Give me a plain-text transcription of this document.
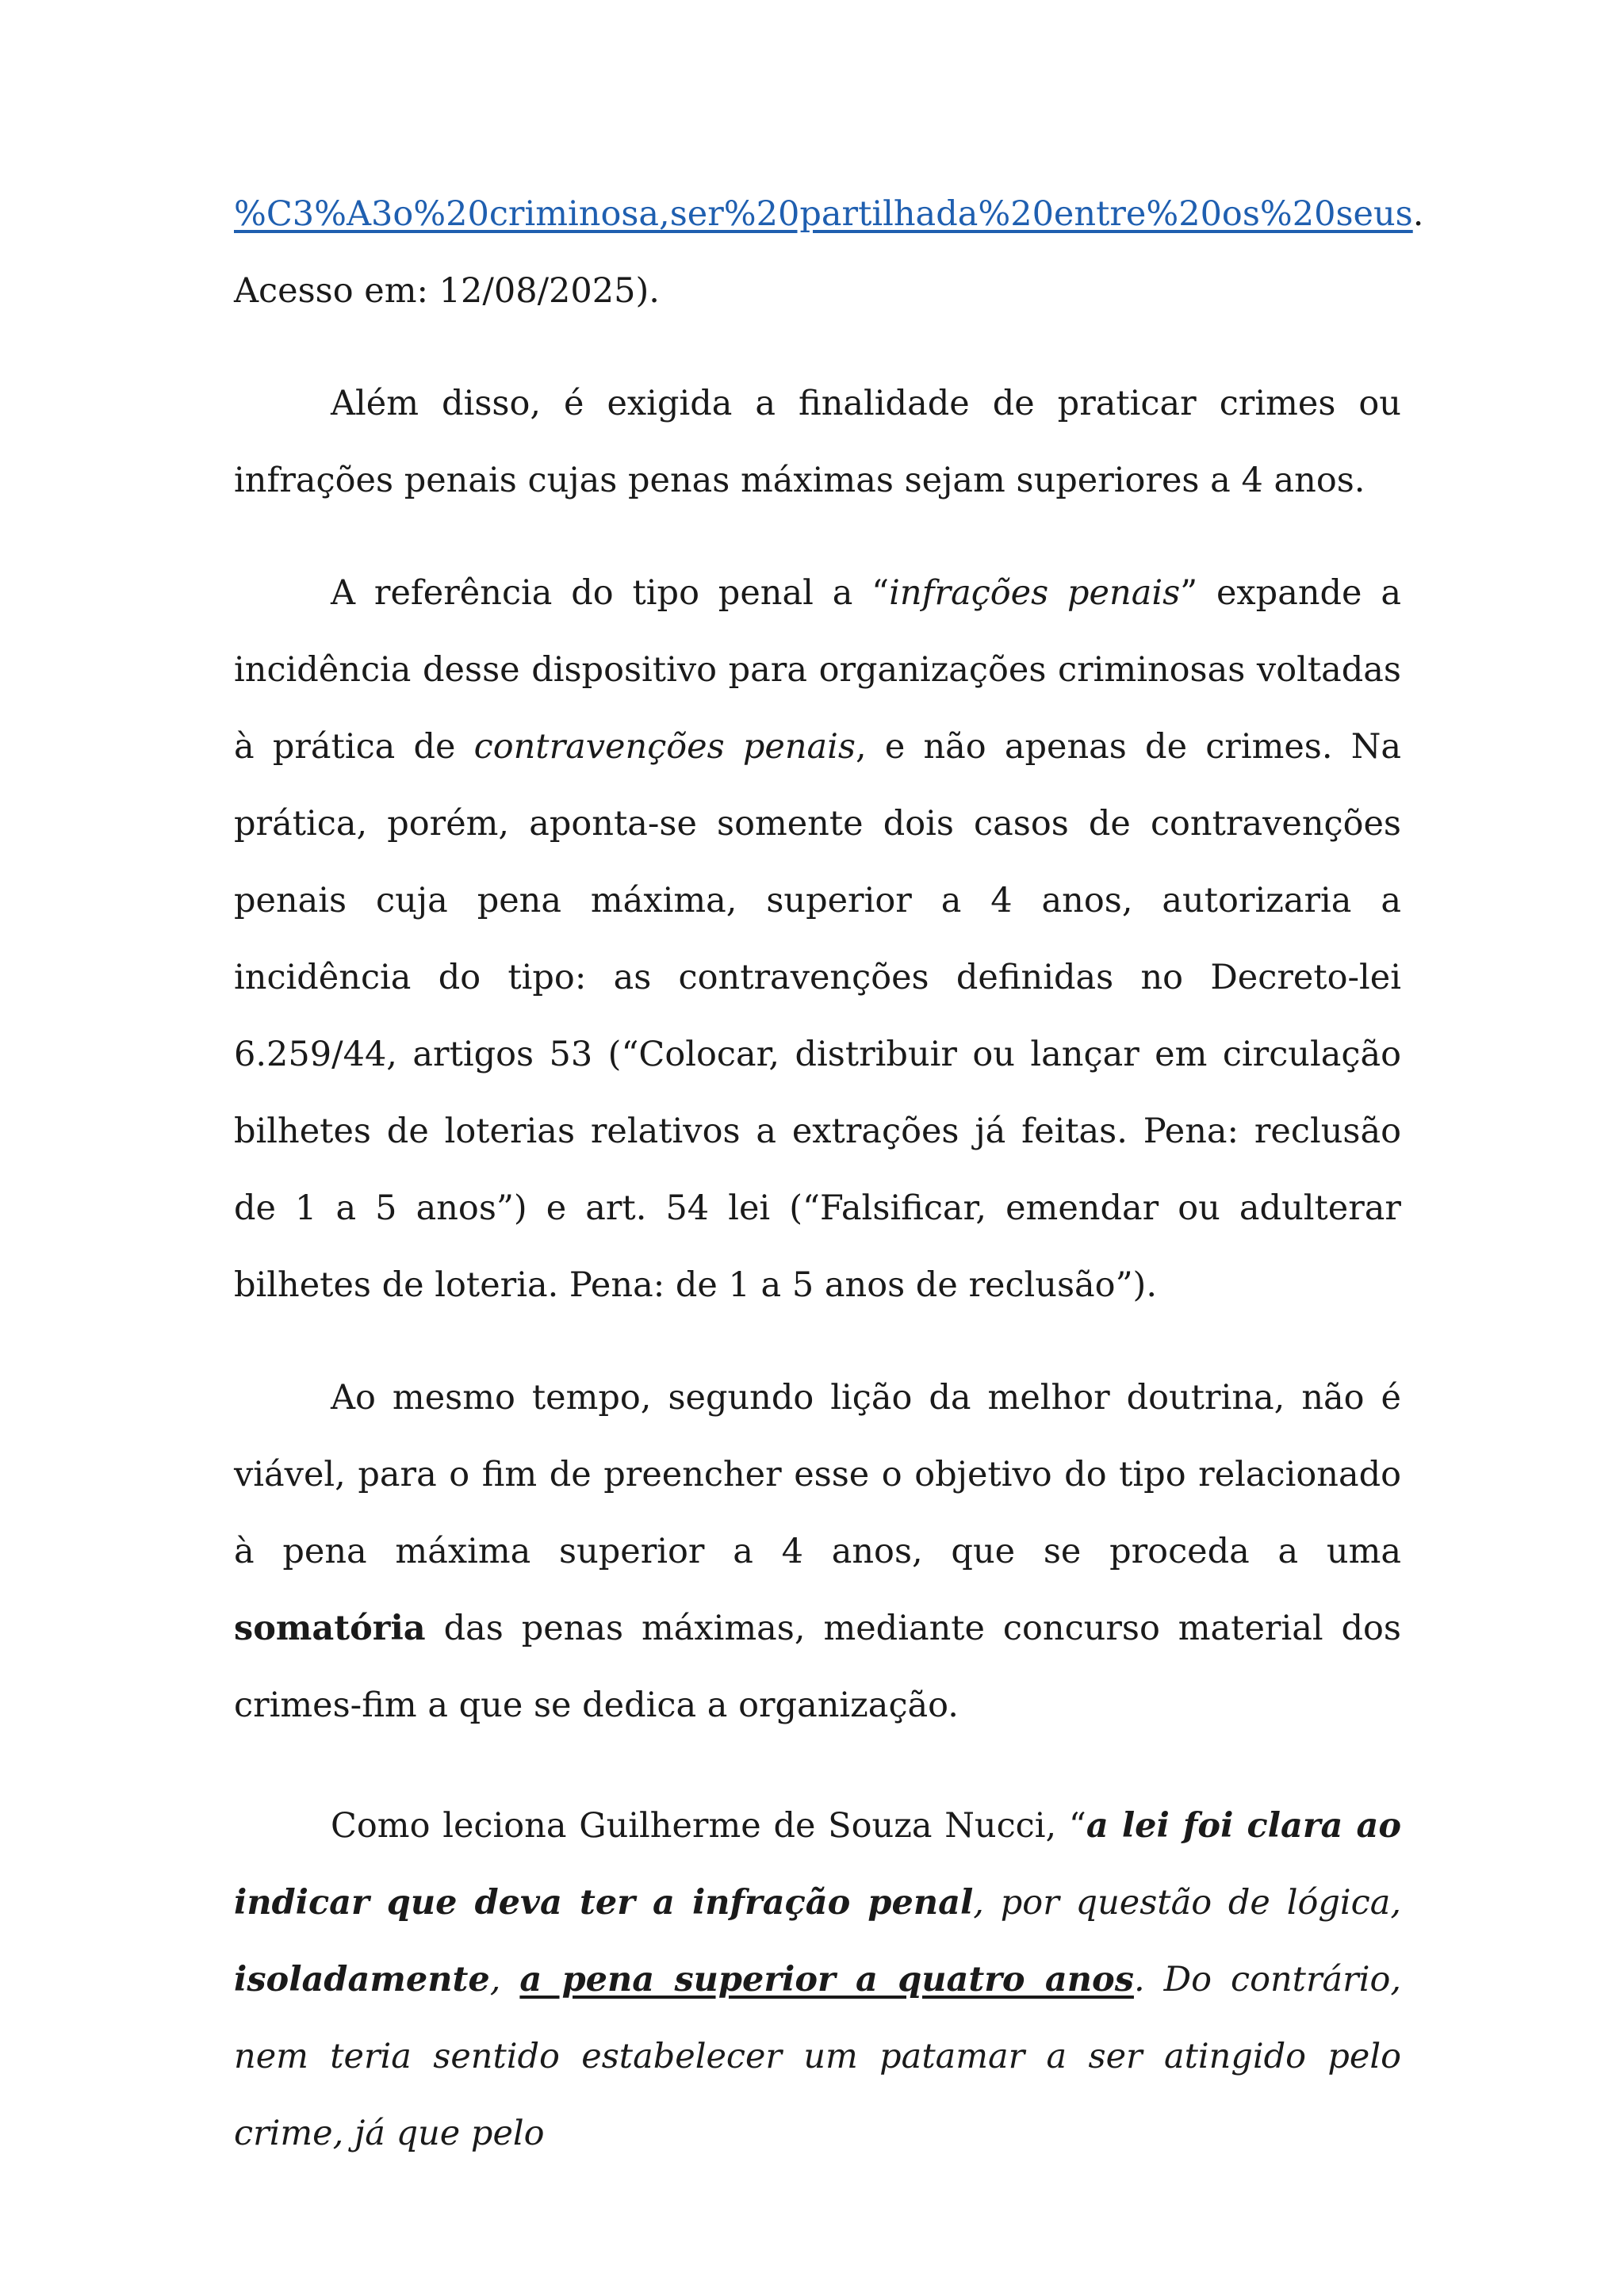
%C3%A3o%20criminosa,ser%20partilhada%20entre%20os%20seus.
Acesso em: 12/08/2025).

Além disso, é exigida a finalidade de praticar crimes ou infrações penais cujas penas máximas sejam superiores a 4 anos.

A referência do tipo penal a “infrações penais” expande a incidência desse dispositivo para organizações criminosas voltadas à prática de contravenções penais, e não apenas de crimes. Na prática, porém, aponta-se somente dois casos de contravenções penais cuja pena máxima, superior a 4 anos, autorizaria a incidência do tipo: as contravenções definidas no Decreto-lei 6.259/44, artigos 53 (“Colocar, distribuir ou lançar em circulação bilhetes de loterias relativos a extrações já feitas. Pena: reclusão de 1 a 5 anos”) e art. 54 lei (“Falsificar, emendar ou adulterar bilhetes de loteria. Pena: de 1 a 5 anos de reclusão”).

Ao mesmo tempo, segundo lição da melhor doutrina, não é viável, para o fim de preencher esse o objetivo do tipo relacionado à pena máxima superior a 4 anos, que se proceda a uma somatória das penas máximas, mediante concurso material dos crimes-fim a que se dedica a organização.

Como leciona Guilherme de Souza Nucci, “a lei foi clara ao indicar que deva ter a infração penal, por questão de lógica, isoladamente, a pena superior a quatro anos. Do contrário, nem teria sentido estabelecer um patamar a ser atingido pelo crime, já que pelo
